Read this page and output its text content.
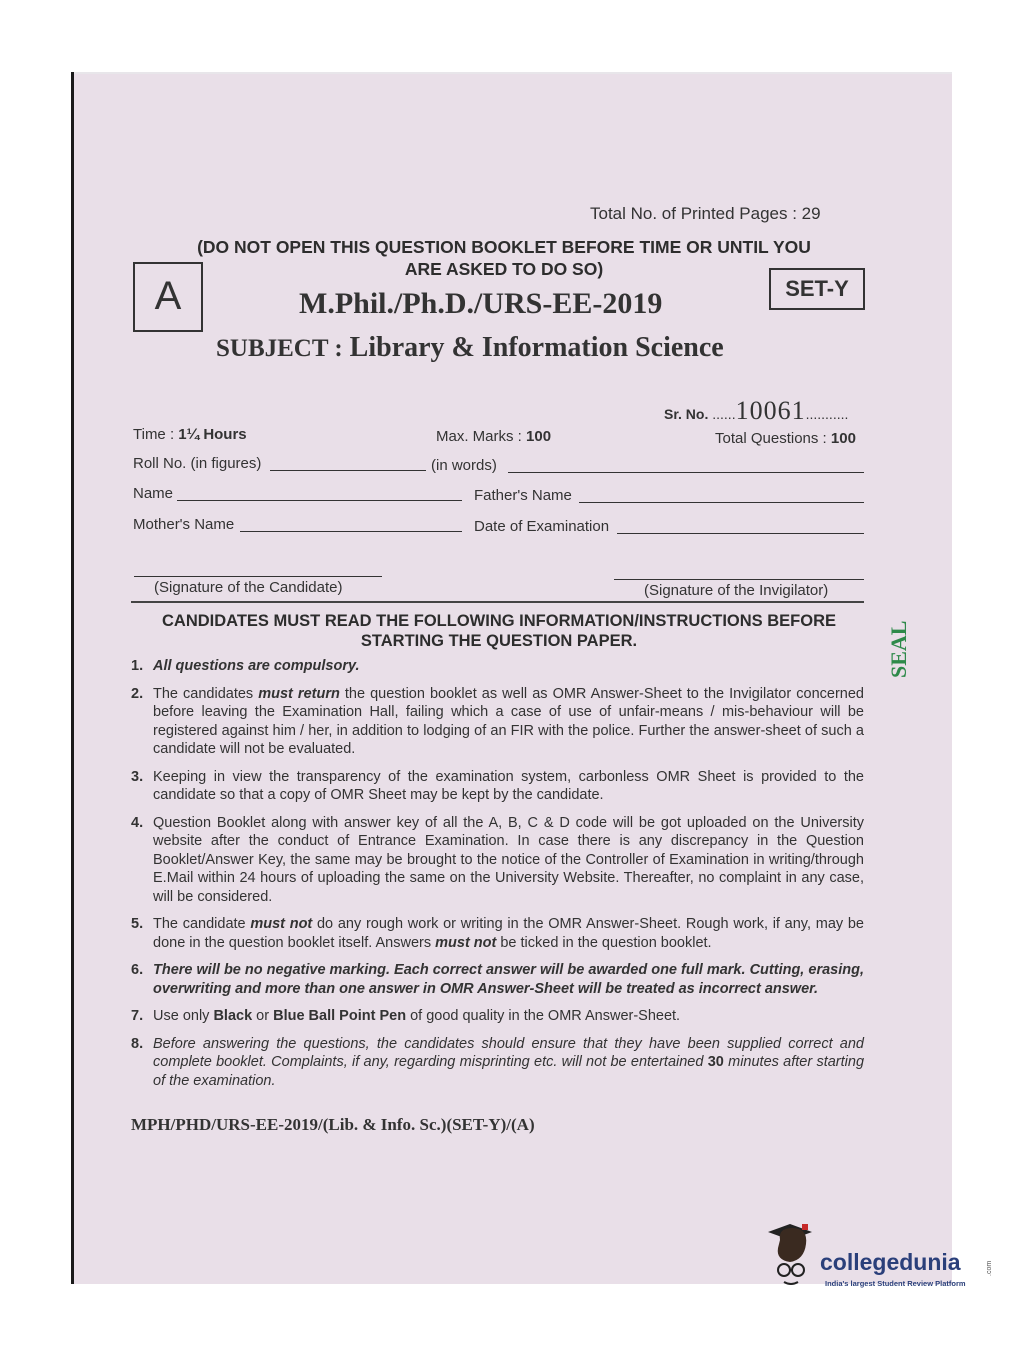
Total No. of Printed Pages : 29
(DO NOT OPEN THIS QUESTION BOOKLET BEFORE TIME OR UNTIL YOU
ARE ASKED TO DO SO)
A	SET-Y
M.Phil./Ph.D./URS-EE-2019
SUBJECT : Library & Information Science
Sr. No. ......10061...........
Time : 1¼ Hours	Max. Marks : 100	Total Questions : 100
Roll No. (in figures)	(in words)
Name	Father's Name
Mother's Name	Date of Examination
(Signature of the Candidate)	(Signature of the Invigilator)
CANDIDATES MUST READ THE FOLLOWING INFORMATION/INSTRUCTIONS BEFORE
STARTING THE QUESTION PAPER.
1. All questions are compulsory.
2. The candidates must return the question booklet as well as OMR Answer-Sheet to the Invigilator concerned before leaving the Examination Hall, failing which a case of use of unfair-means / mis-behaviour will be registered against him / her, in addition to lodging of an FIR with the police. Further the answer-sheet of such a candidate will not be evaluated.
3. Keeping in view the transparency of the examination system, carbonless OMR Sheet is provided to the candidate so that a copy of OMR Sheet may be kept by the candidate.
4. Question Booklet along with answer key of all the A, B, C & D code will be got uploaded on the University website after the conduct of Entrance Examination. In case there is any discrepancy in the Question Booklet/Answer Key, the same may be brought to the notice of the Controller of Examination in writing/through E.Mail within 24 hours of uploading the same on the University Website. Thereafter, no complaint in any case, will be considered.
5. The candidate must not do any rough work or writing in the OMR Answer-Sheet. Rough work, if any, may be done in the question booklet itself. Answers must not be ticked in the question booklet.
6. There will be no negative marking. Each correct answer will be awarded one full mark. Cutting, erasing, overwriting and more than one answer in OMR Answer-Sheet will be treated as incorrect answer.
7. Use only Black or Blue Ball Point Pen of good quality in the OMR Answer-Sheet.
8. Before answering the questions, the candidates should ensure that they have been supplied correct and complete booklet. Complaints, if any, regarding misprinting etc. will not be entertained 30 minutes after starting of the examination.
MPH/PHD/URS-EE-2019/(Lib. & Info. Sc.)(SET-Y)/(A)
SEAL
collegedunia	.com
India's largest Student Review Platform
